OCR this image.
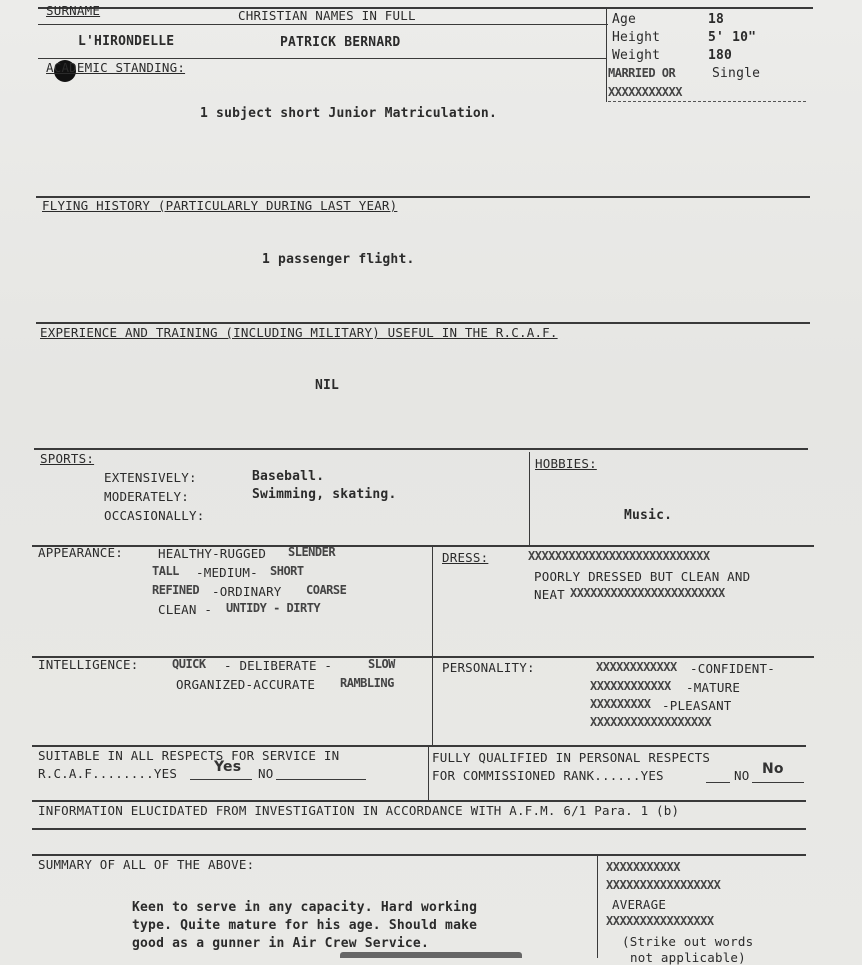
SURNAME	CHRISTIAN NAMES IN FULL
L'HIRONDELLE	PATRICK BERNARD
Age	18
Height	5' 10"
Weight	180
MARRIED OR	Single
XXXXXXXXXXX
ACADEMIC STANDING:
1 subject short Junior Matriculation.
FLYING HISTORY (PARTICULARLY DURING LAST YEAR)
1 passenger flight.
EXPERIENCE AND TRAINING (INCLUDING MILITARY) USEFUL IN THE R.C.A.F.
NIL
SPORTS:
EXTENSIVELY:	Baseball.
MODERATELY:	Swimming, skating.
OCCASIONALLY:
HOBBIES:
Music.
APPEARANCE:	HEALTHY-RUGGED SLENDER
TALL -MEDIUM- SHORT
REFINED -ORDINARY COARSE
CLEAN - UNTIDY - DIRTY
DRESS:	XXXXXXXXXXXXXXXXXXXXXXXXXXX
POORLY DRESSED BUT CLEAN AND
NEAT XXXXXXXXXXXXXXXXXXXXXXX
INTELLIGENCE:	QUICK - DELIBERATE -	SLOW
ORGANIZED-ACCURATE RAMBLING
PERSONALITY:	XXXXXXXXXXXX -CONFIDENT-
XXXXXXXXXXXX -MATURE
XXXXXXXXX -PLEASANT
XXXXXXXXXXXXXXXXXX
SUITABLE IN ALL RESPECTS FOR SERVICE IN
R.C.A.F........YES	Yes NO
FULLY QUALIFIED IN PERSONAL RESPECTS
FOR COMMISSIONED RANK......YES	NO No
INFORMATION ELUCIDATED FROM INVESTIGATION IN ACCORDANCE WITH A.F.M. 6/1 Para. 1 (b)
SUMMARY OF ALL OF THE ABOVE:
Keen to serve in any capacity. Hard working
type. Quite mature for his age. Should make
good as a gunner in Air Crew Service.
XXXXXXXXXXX
XXXXXXXXXXXXXXXXX
AVERAGE
XXXXXXXXXXXXXXXX
(Strike out words
not applicable)
